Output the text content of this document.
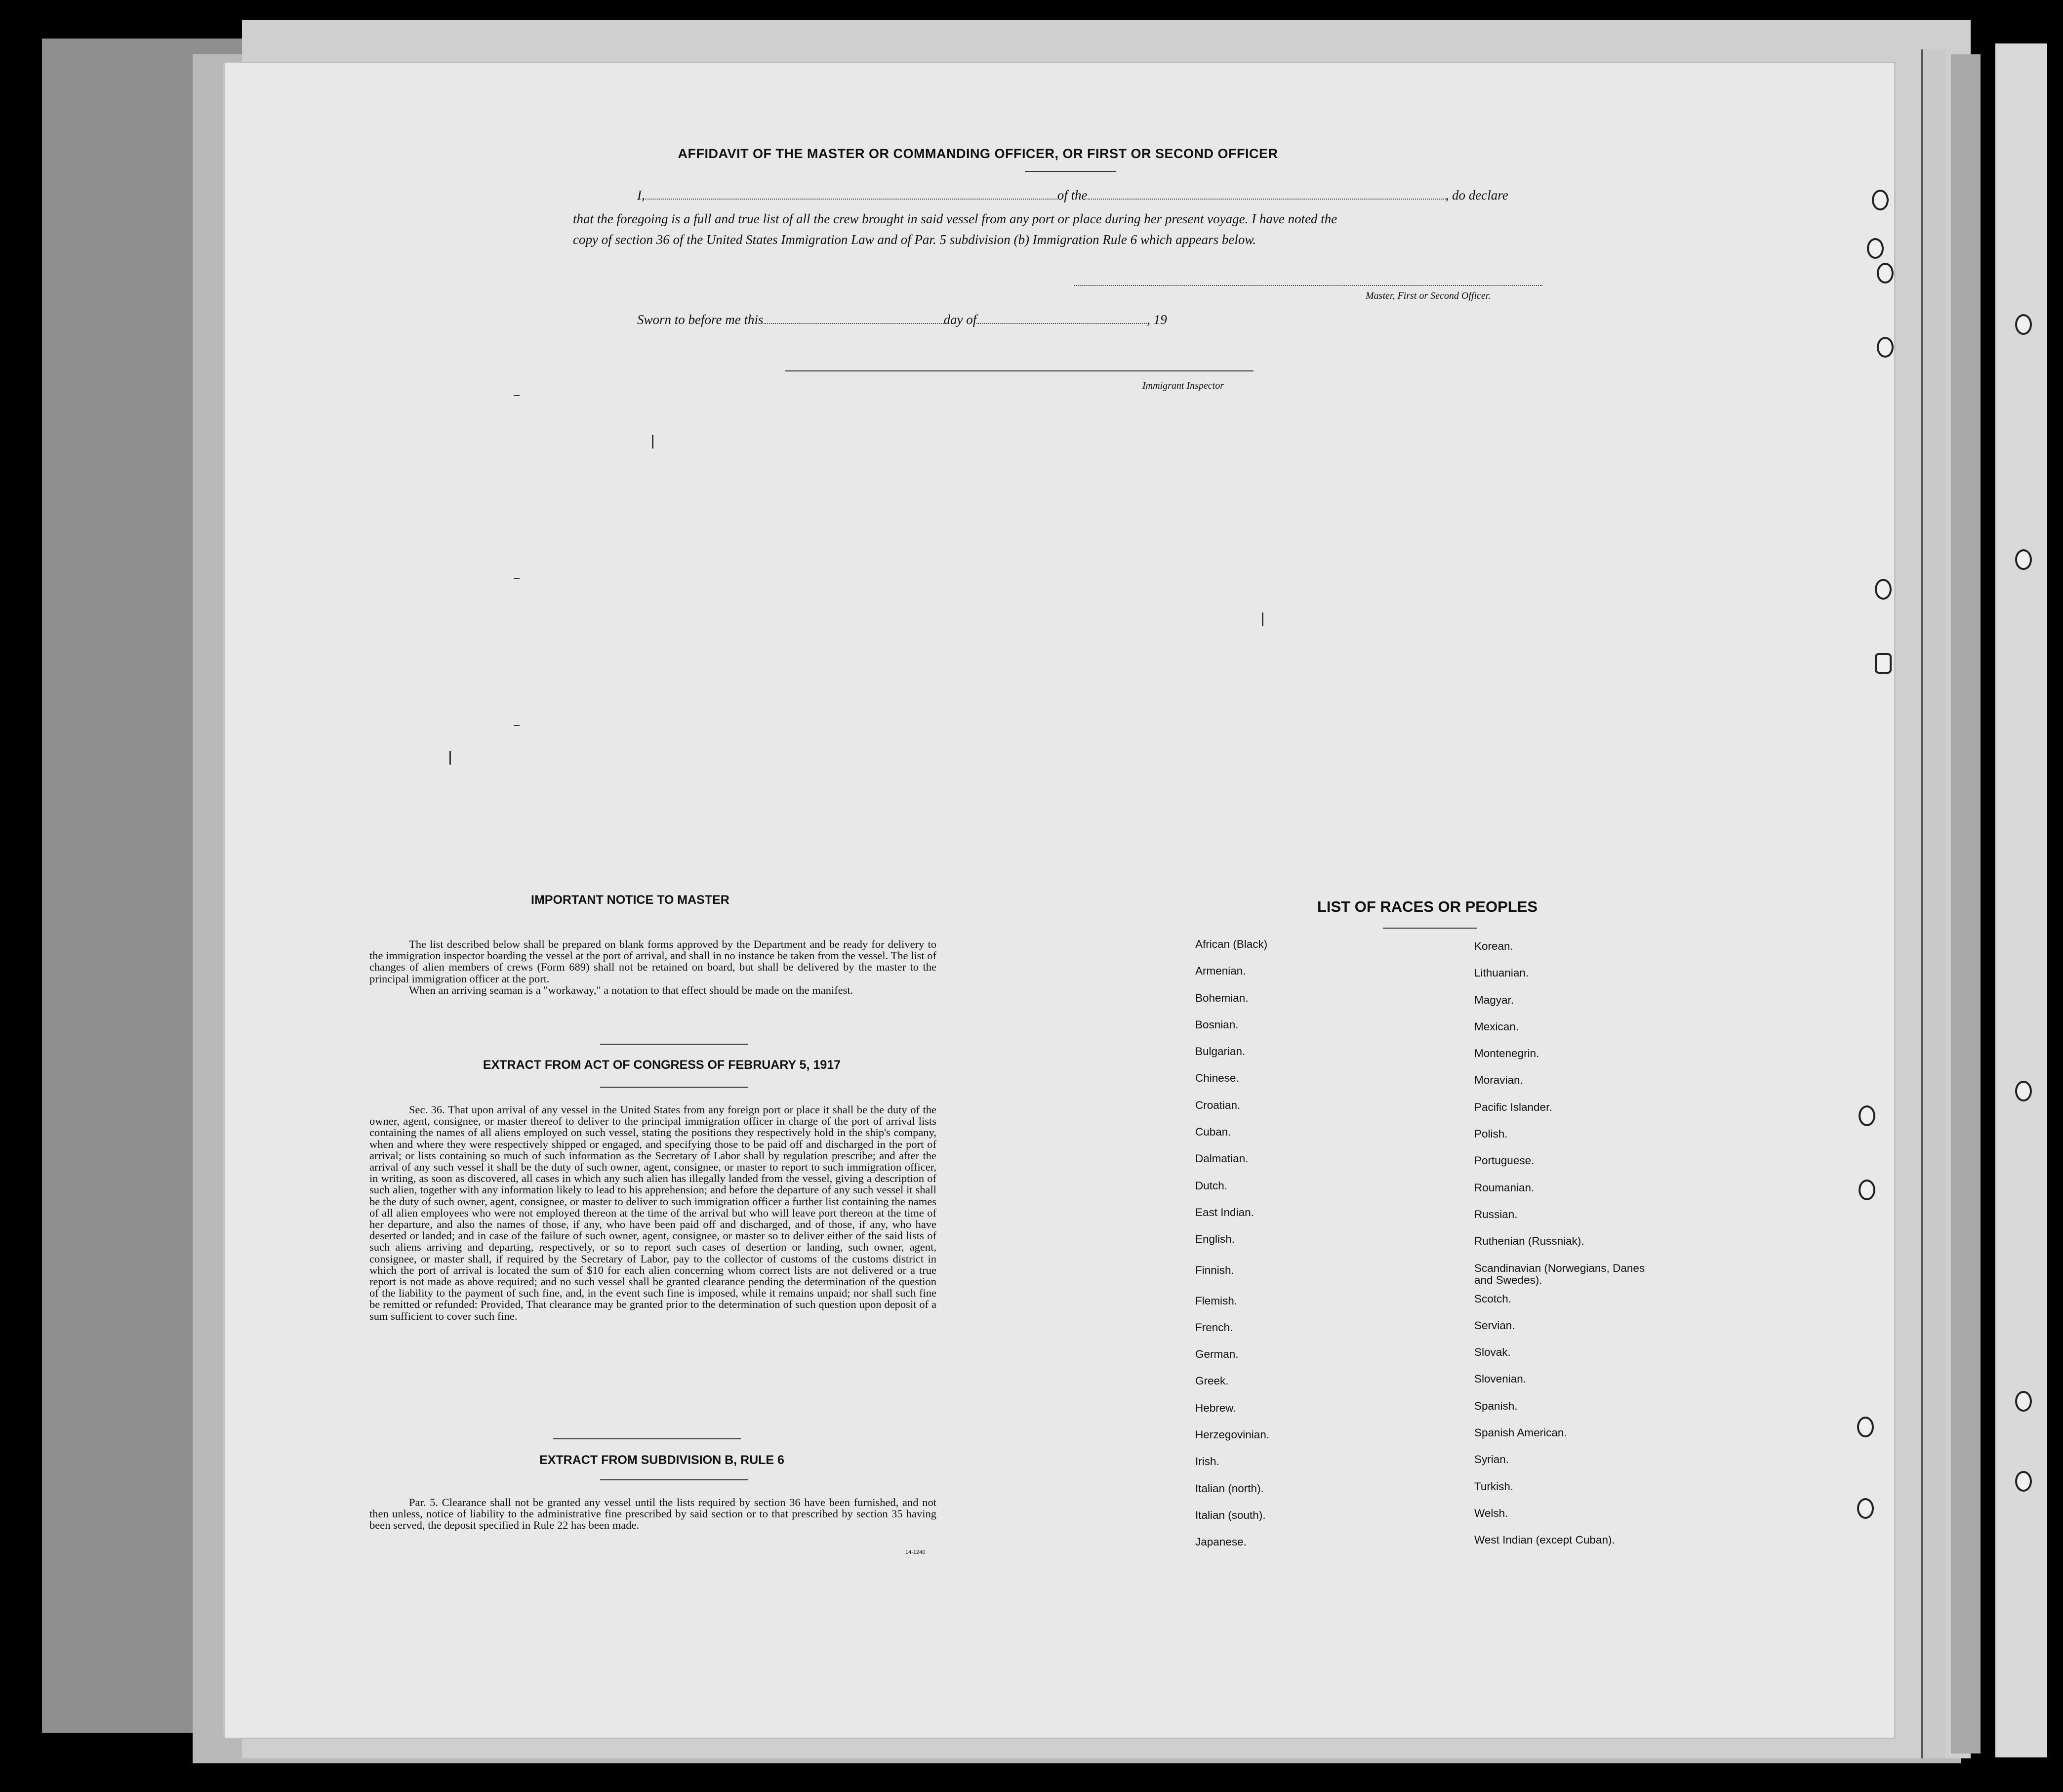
AFFIDAVIT OF THE MASTER OR COMMANDING OFFICER, OR FIRST OR SECOND OFFICER
I,	of the	, do declare
that the foregoing is a full and true list of all the crew brought in said vessel from any port or place during her present voyage. I have noted the
copy of section 36 of the United States Immigration Law and of Par. 5 subdivision (b) Immigration Rule 6 which appears below.
Master, First or Second Officer.
Sworn to before me this	day of	, 19
Immigrant Inspector
IMPORTANT NOTICE TO MASTER

The list described below shall be prepared on blank forms approved by the Department and be ready for delivery to the immigration inspector boarding the vessel at the port of arrival, and shall in no instance be taken from the vessel. The list of changes of alien members of crews (Form 689) shall not be retained on board, but shall be delivered by the master to the principal immigration officer at the port.

When an arriving seaman is a "workaway," a notation to that effect should be made on the manifest.

EXTRACT FROM ACT OF CONGRESS OF FEBRUARY 5, 1917

Sec. 36. That upon arrival of any vessel in the United States from any foreign port or place it shall be the duty of the owner, agent, consignee, or master thereof to deliver to the principal immigration officer in charge of the port of arrival lists containing the names of all aliens employed on such vessel, stating the positions they respectively hold in the ship's company, when and where they were respectively shipped or engaged, and specifying those to be paid off and discharged in the port of arrival; or lists containing so much of such information as the Secretary of Labor shall by regulation prescribe; and after the arrival of any such vessel it shall be the duty of such owner, agent, consignee, or master to report to such immigration officer, in writing, as soon as discovered, all cases in which any such alien has illegally landed from the vessel, giving a description of such alien, together with any information likely to lead to his apprehension; and before the departure of any such vessel it shall be the duty of such owner, agent, consignee, or master to deliver to such immigration officer a further list containing the names of all alien employees who were not employed thereon at the time of the arrival but who will leave port thereon at the time of her departure, and also the names of those, if any, who have been paid off and discharged, and of those, if any, who have deserted or landed; and in case of the failure of such owner, agent, consignee, or master so to deliver either of the said lists of such aliens arriving and departing, respectively, or so to report such cases of desertion or landing, such owner, agent, consignee, or master shall, if required by the Secretary of Labor, pay to the collector of customs of the customs district in which the port of arrival is located the sum of $10 for each alien concerning whom correct lists are not delivered or a true report is not made as above required; and no such vessel shall be granted clearance pending the determination of the question of the liability to the payment of such fine, and, in the event such fine is imposed, while it remains unpaid; nor shall such fine be remitted or refunded: Provided, That clearance may be granted prior to the determination of such question upon deposit of a sum sufficient to cover such fine.

EXTRACT FROM SUBDIVISION B, RULE 6

Par. 5. Clearance shall not be granted any vessel until the lists required by section 36 have been furnished, and not then unless, notice of liability to the administrative fine prescribed by said section or to that prescribed by section 35 having been served, the deposit specified in Rule 22 has been made.

14-1240
LIST OF RACES OR PEOPLES
African (Black)
Armenian.
Bohemian.
Bosnian.
Bulgarian.
Chinese.
Croatian.
Cuban.
Dalmatian.
Dutch.
East Indian.
English.
Finnish.
Flemish.
French.
German.
Greek.
Hebrew.
Herzegovinian.
Irish.
Italian (north).
Italian (south).
Japanese.
Korean.
Lithuanian.
Magyar.
Mexican.
Montenegrin.
Moravian.
Pacific Islander.
Polish.
Portuguese.
Roumanian.
Russian.
Ruthenian (Russniak).
Scandinavian (Norwegians, Danes and Swedes).
Scotch.
Servian.
Slovak.
Slovenian.
Spanish.
Spanish American.
Syrian.
Turkish.
Welsh.
West Indian (except Cuban).
